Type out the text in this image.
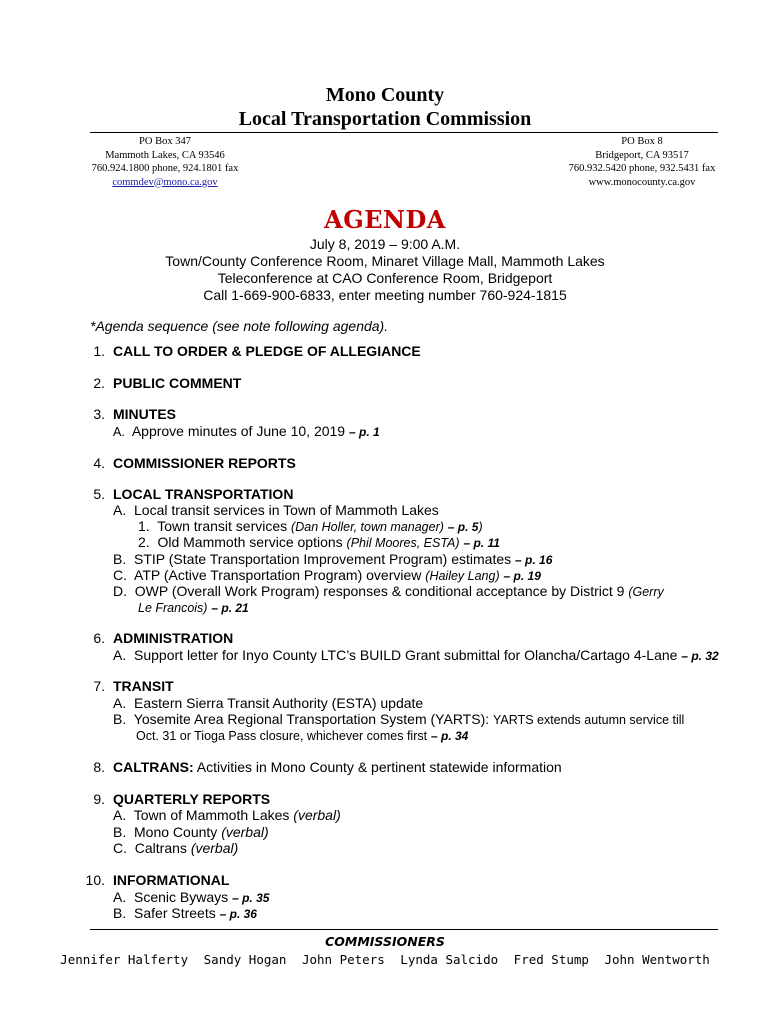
Mono County
Local Transportation Commission
PO Box 347
Mammoth Lakes, CA 93546
760.924.1800 phone, 924.1801 fax
commdev@mono.ca.gov
PO Box 8
Bridgeport, CA 93517
760.932.5420 phone, 932.5431 fax
www.monocounty.ca.gov
AGENDA
July 8, 2019 – 9:00 A.M.
Town/County Conference Room, Minaret Village Mall, Mammoth Lakes
Teleconference at CAO Conference Room, Bridgeport
Call 1-669-900-6833, enter meeting number 760-924-1815
*Agenda sequence (see note following agenda).
1. CALL TO ORDER & PLEDGE OF ALLEGIANCE
2. PUBLIC COMMENT
3. MINUTES
A. Approve minutes of June 10, 2019 – p. 1
4. COMMISSIONER REPORTS
5. LOCAL TRANSPORTATION
A. Local transit services in Town of Mammoth Lakes
1. Town transit services (Dan Holler, town manager) – p. 5)
2. Old Mammoth service options (Phil Moores, ESTA) – p. 11
B. STIP (State Transportation Improvement Program) estimates – p. 16
C. ATP (Active Transportation Program) overview (Hailey Lang) – p. 19
D. OWP (Overall Work Program) responses & conditional acceptance by District 9 (Gerry
Le Francois) – p. 21
6. ADMINISTRATION
A. Support letter for Inyo County LTC’s BUILD Grant submittal for Olancha/Cartago 4-Lane – p. 32
7. TRANSIT
A. Eastern Sierra Transit Authority (ESTA) update
B. Yosemite Area Regional Transportation System (YARTS): YARTS extends autumn service till
Oct. 31 or Tioga Pass closure, whichever comes first – p. 34
8. CALTRANS: Activities in Mono County & pertinent statewide information
9. QUARTERLY REPORTS
A. Town of Mammoth Lakes (verbal)
B. Mono County (verbal)
C. Caltrans (verbal)
10. INFORMATIONAL
A. Scenic Byways – p. 35
B. Safer Streets – p. 36
COMMISSIONERS
Jennifer Halferty Sandy Hogan John Peters Lynda Salcido Fred Stump John Wentworth
